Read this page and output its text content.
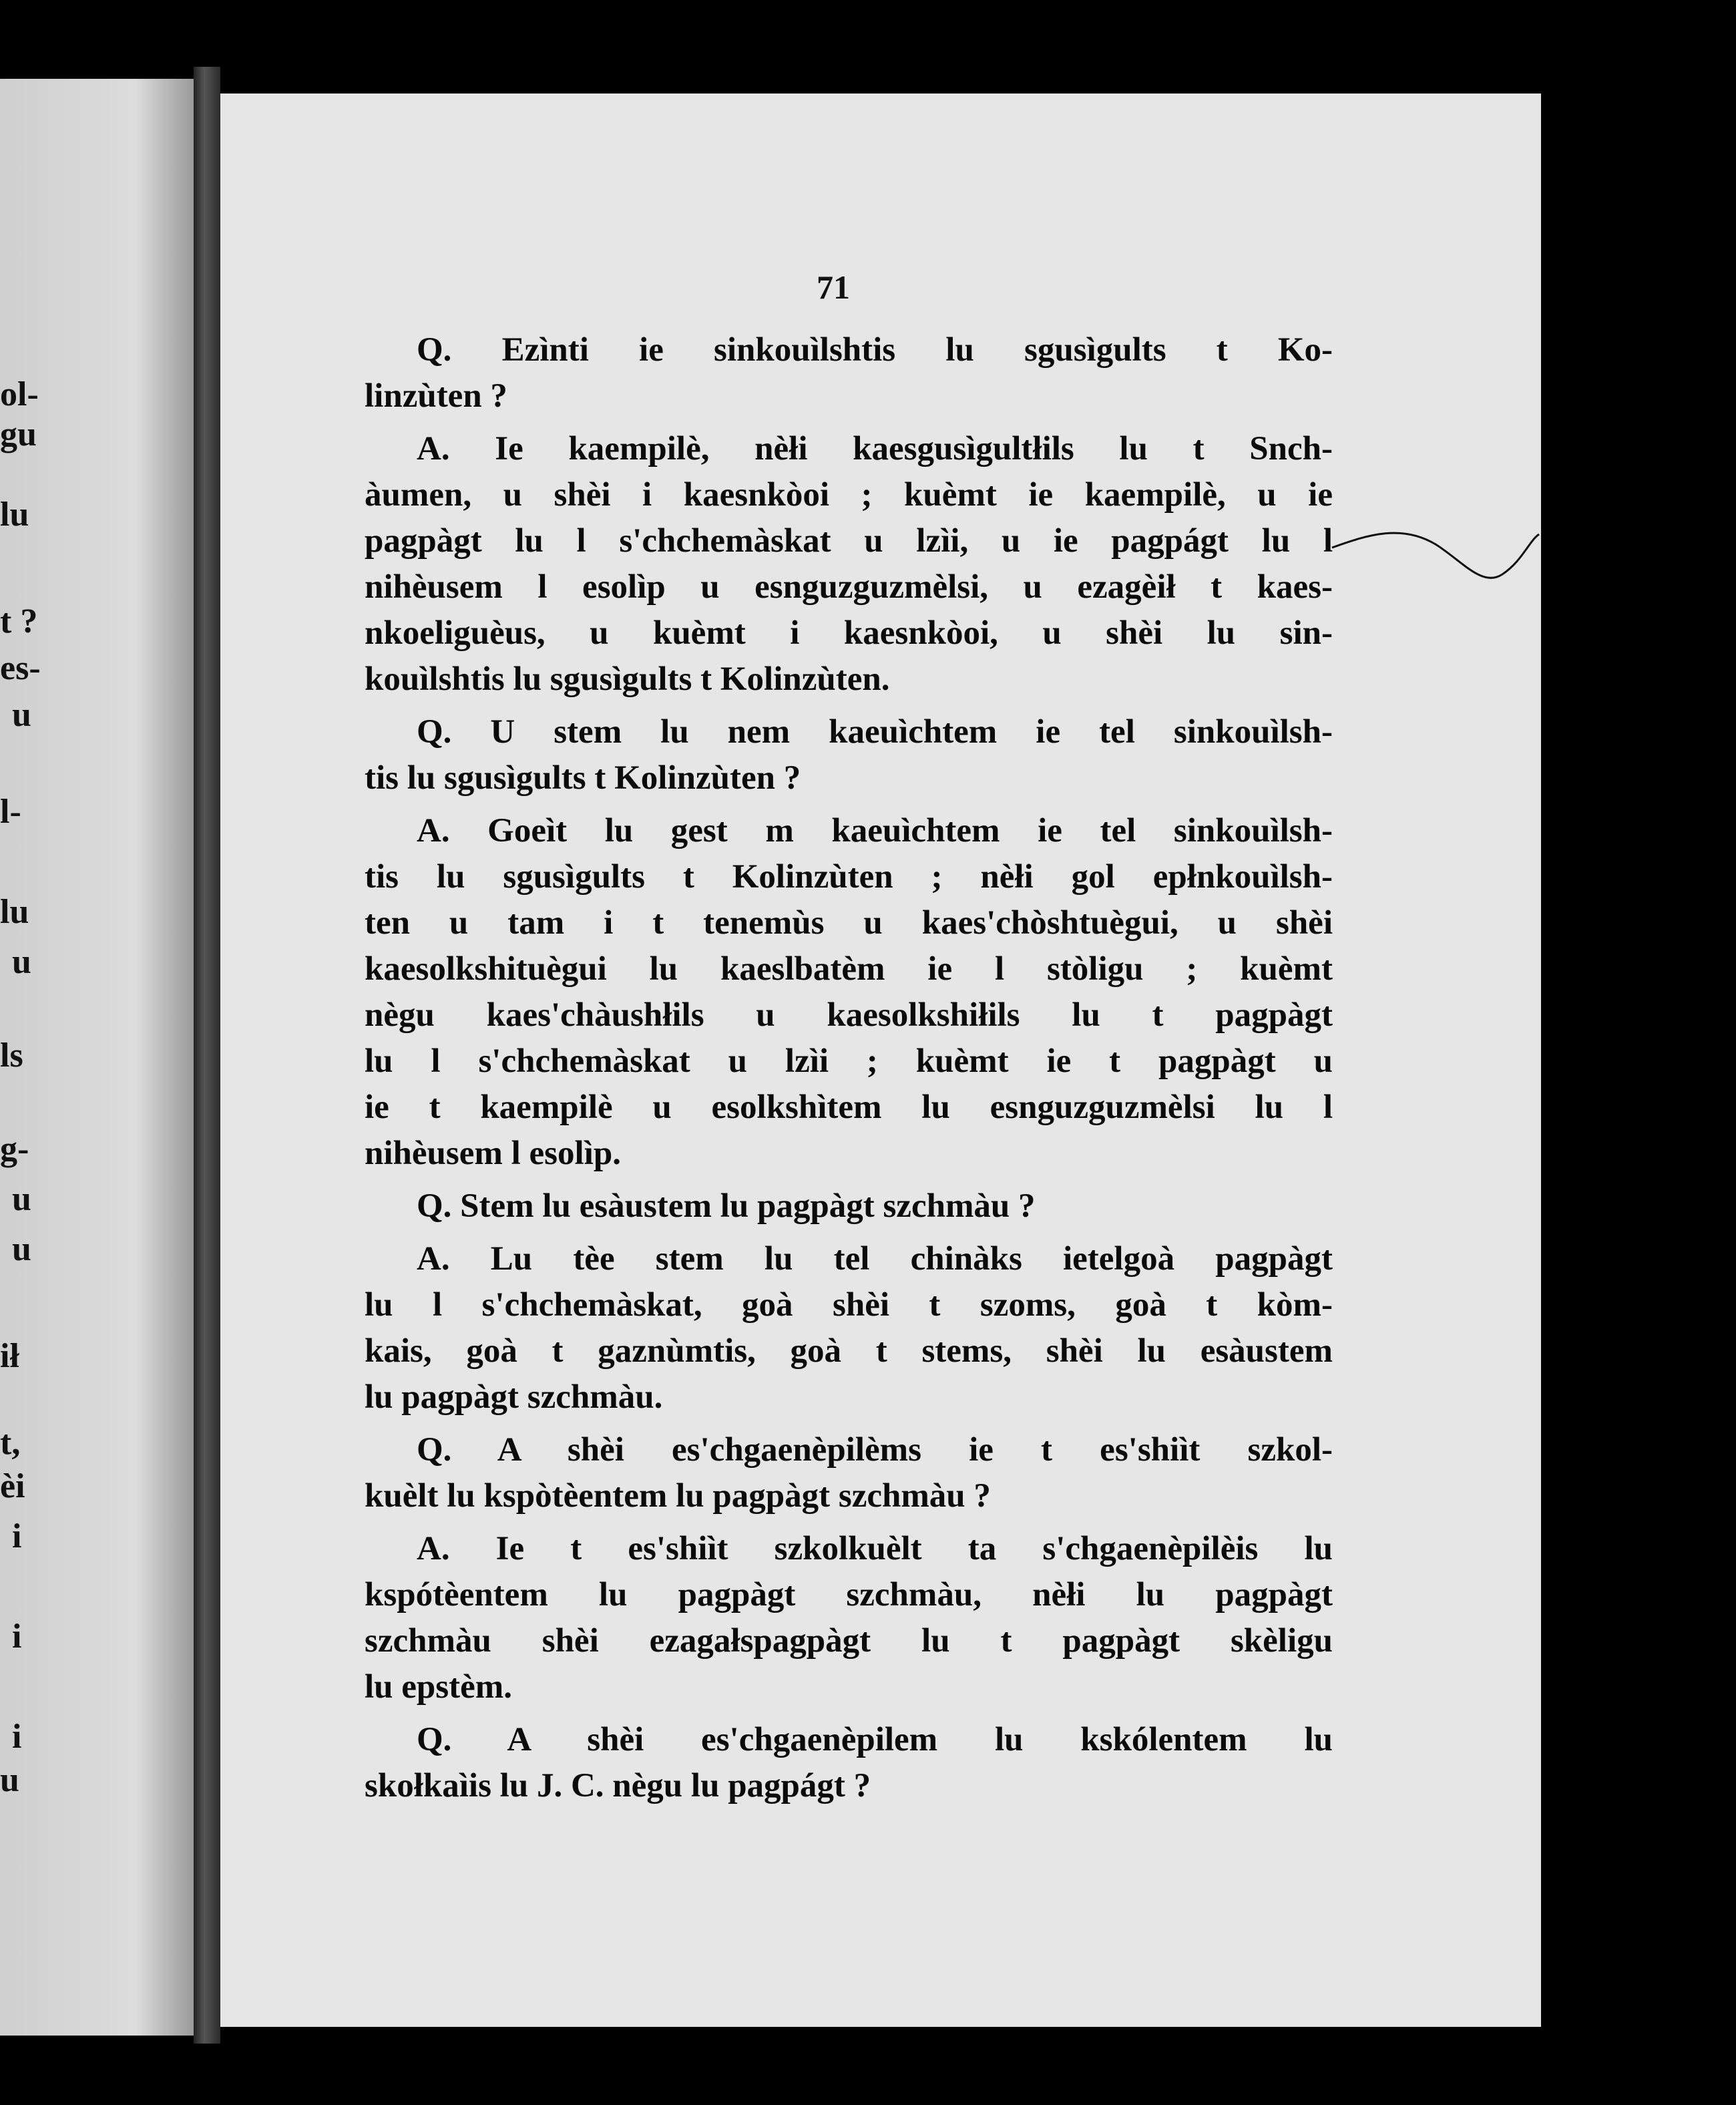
ol-
gu
lu
t ?
es-
u
l-
lu
u
ls
g-
u
u
ił
t,
èi
i
i
i
u
71
Q. Ezìnti ie sinkouìlshtis lu sgusìgults t Ko-
linzùten ?
A. Ie kaempilè, nèłi kaesgusìgultłils lu t Snch-
àumen, u shèi i kaesnkòoi ; kuèmt ie kaempilè, u ie
pagpàgt lu l s'chchemàskat u lzìi, u ie pagpágt lu l
nihèusem l esolìp u esnguzguzmèlsi, u ezagèił t kaes-
nkoeliguèus, u kuèmt i kaesnkòoi, u shèi lu sin-
kouìlshtis lu sgusìgults t Kolinzùten.
Q. U stem lu nem kaeuìchtem ie tel sinkouìlsh-
tis lu sgusìgults t Kolinzùten ?
A. Goeìt lu gest m kaeuìchtem ie tel sinkouìlsh-
tis lu sgusìgults t Kolinzùten ; nèłi gol epłnkouìlsh-
ten u tam i t tenemùs u kaes'chòshtuègui, u shèi
kaesolkshituègui lu kaeslbatèm ie l stòligu ; kuèmt
nègu kaes'chàushłils u kaesolkshiłils lu t pagpàgt
lu l s'chchemàskat u lzìi ; kuèmt ie t pagpàgt u
ie t kaempilè u esolkshìtem lu esnguzguzmèlsi lu l
nihèusem l esolìp.
Q. Stem lu esàustem lu pagpàgt szchmàu ?
A. Lu tèe stem lu tel chinàks ietelgoà pagpàgt
lu l s'chchemàskat, goà shèi t szoms, goà t kòm-
kais, goà t gaznùmtis, goà t stems, shèi lu esàustem
lu pagpàgt szchmàu.
Q. A shèi es'chgaenèpilèms ie t es'shiìt szkol-
kuèlt lu kspòtèentem lu pagpàgt szchmàu ?
A. Ie t es'shiìt szkolkuèlt ta s'chgaenèpilèis lu
kspótèentem lu pagpàgt szchmàu, nèłi lu pagpàgt
szchmàu shèi ezagałspagpàgt lu t pagpàgt skèligu
lu epstèm.
Q. A shèi es'chgaenèpilem lu kskólentem lu
skołkaìis lu J. C. nègu lu pagpágt ?
